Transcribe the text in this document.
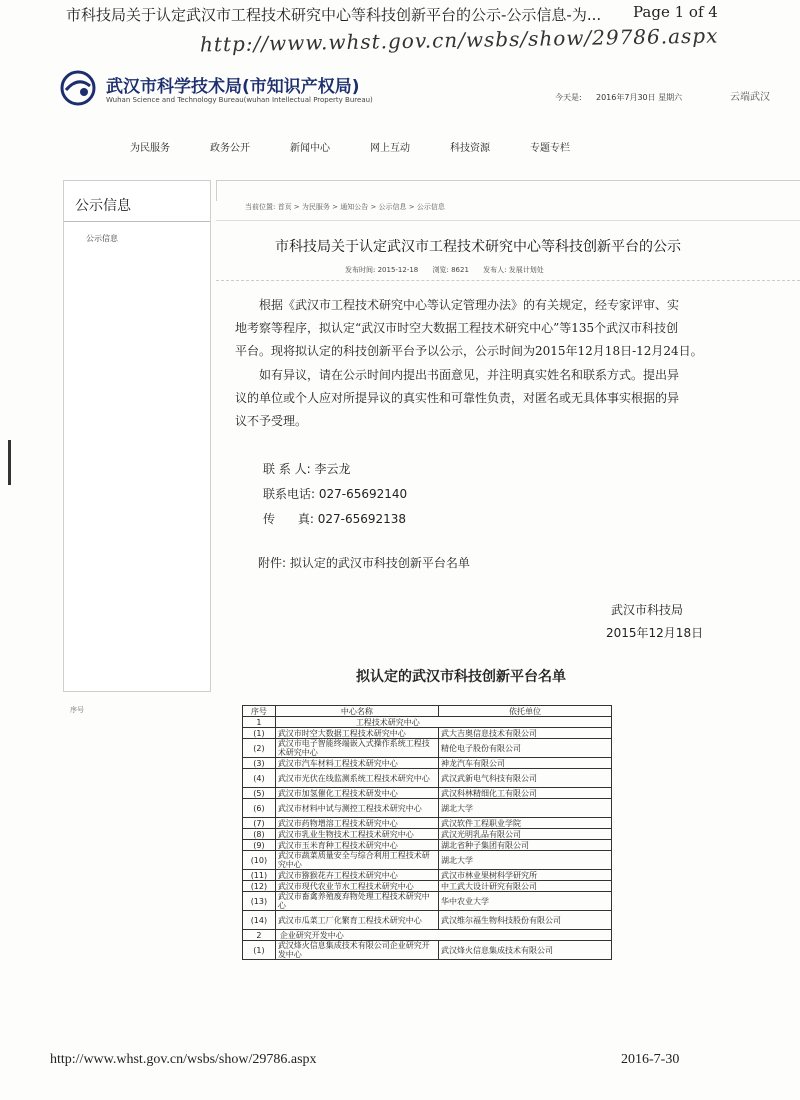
市科技局关于认定武汉市工程技术研究中心等科技创新平台的公示-公示信息-为... Page 1 of 4
http://www.whst.gov.cn/wsbs/show/29786.aspx
武汉市科学技术局(市知识产权局)
Wuhan Science and Technology Bureau(wuhan Intellectual Property Bureau)	今天是: 2016年7月30日 星期六	云端武汉
为民服务	政务公开	新闻中心	网上互动	科技资源	专题专栏
公示信息
公示信息
序号
当前位置: 首页 > 为民服务 > 通知公告 > 公示信息 > 公示信息
市科技局关于认定武汉市工程技术研究中心等科技创新平台的公示
发布时间: 2015-12-18 浏览: 8621 发布人: 发展计划处
根据《武汉市工程技术研究中心等认定管理办法》的有关规定，经专家评审、实
地考察等程序，拟认定“武汉市时空大数据工程技术研究中心”等135个武汉市科技创
平台。现将拟认定的科技创新平台予以公示，公示时间为2015年12月18日-12月24日。
如有异议，请在公示时间内提出书面意见，并注明真实姓名和联系方式。提出异
议的单位或个人应对所提异议的真实性和可靠性负责，对匿名或无具体事实根据的异
议不予受理。
联 系 人: 李云龙
联系电话: 027-65692140
传      真: 027-65692138
附件: 拟认定的武汉市科技创新平台名单
武汉市科技局
2015年12月18日
拟认定的武汉市科技创新平台名单
序号	中心名称	依托单位
1	工程技术研究中心	
(1)	武汉市时空大数据工程技术研究中心	武大吉奥信息技术有限公司
(2)	武汉市电子智能终端嵌入式操作系统工程技术研究中心	精伦电子股份有限公司
(3)	武汉市汽车材料工程技术研究中心	神龙汽车有限公司
(4)	武汉市光伏在线监测系统工程技术研究中心	武汉武新电气科技有限公司
(5)	武汉市加氢催化工程技术研发中心	武汉科林精细化工有限公司
(6)	武汉市材料中试与测控工程技术研究中心	湖北大学
(7)	武汉市药物增溶工程技术研究中心	武汉软件工程职业学院
(8)	武汉市乳业生物技术工程技术研究中心	武汉光明乳品有限公司
(9)	武汉市玉米育种工程技术研究中心	湖北省种子集团有限公司
(10)	武汉市蔬菜质量安全与综合利用工程技术研究中心	湖北大学
(11)	武汉市猕猴花卉工程技术研究中心	武汉市林业果树科学研究所
(12)	武汉市现代农业节水工程技术研究中心	中工武大设计研究有限公司
(13)	武汉市畜禽养殖废弃物处理工程技术研究中心	华中农业大学
(14)	武汉市瓜菜工厂化繁育工程技术研究中心	武汉维尔福生物科技股份有限公司
2	企业研究开发中心	
(1)	武汉烽火信息集成技术有限公司企业研究开发中心	武汉烽火信息集成技术有限公司
http://www.whst.gov.cn/wsbs/show/29786.aspx	2016-7-30
